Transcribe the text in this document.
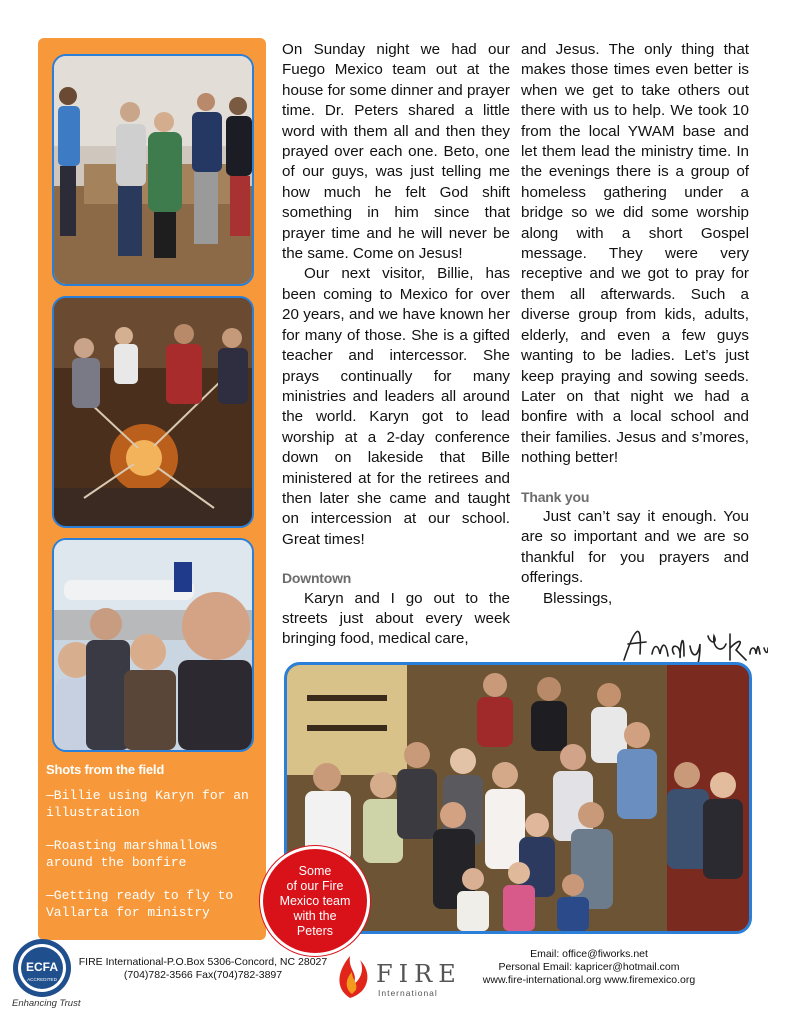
Shots from the field
—Billie using Karyn for an illustration
—Roasting marshmallows around the bonfire
—Getting ready to fly to Vallarta for ministry

On Sunday night we had our Fuego Mexico team out at the house for some dinner and prayer time. Dr. Peters shared a little word with them all and then they prayed over each one. Beto, one of our guys, was just telling me how much he felt God shift something in him since that prayer time and he will never be the same. Come on Jesus!

Our next visitor, Billie, has been coming to Mexico for over 20 years, and we have known her for many of those. She is a gifted teacher and intercessor. She prays continually for many ministries and leaders all around the world. Karyn got to lead worship at a 2-day conference down on lakeside that Bille ministered at for the retirees and then later she came and taught on intercession at our school. Great times!

Downtown

Karyn and I go out to the streets just about every week bringing food, medical care,

and Jesus. The only thing that makes those times even better is when we get to take others out there with us to help. We took 10 from the local YWAM base and let them lead the ministry time. In the evenings there is a group of homeless gathering under a bridge so we did some worship along with a short Gospel message. They were very receptive and we got to pray for them all afterwards. Such a diverse group from kids, adults, elderly, and even a few guys wanting to be ladies. Let’s just keep praying and sowing seeds. Later on that night we had a bonfire with a local school and their families. Jesus and s’mores, nothing better!

Thank you

Just can’t say it enough. You are so important and we are so thankful for you prayers and offerings.

Blessings,

Some
of our Fire
Mexico team
with the
Peters
ECFA
ACCREDITED
Enhancing Trust
FIRE International-P.O.Box 5306-Concord, NC 28027
(704)782-3566 Fax(704)782-3897	FIRE
International
Email: office@fiworks.net
Personal Email: kapricer@hotmail.com
www.fire-international.org www.firemexico.org
